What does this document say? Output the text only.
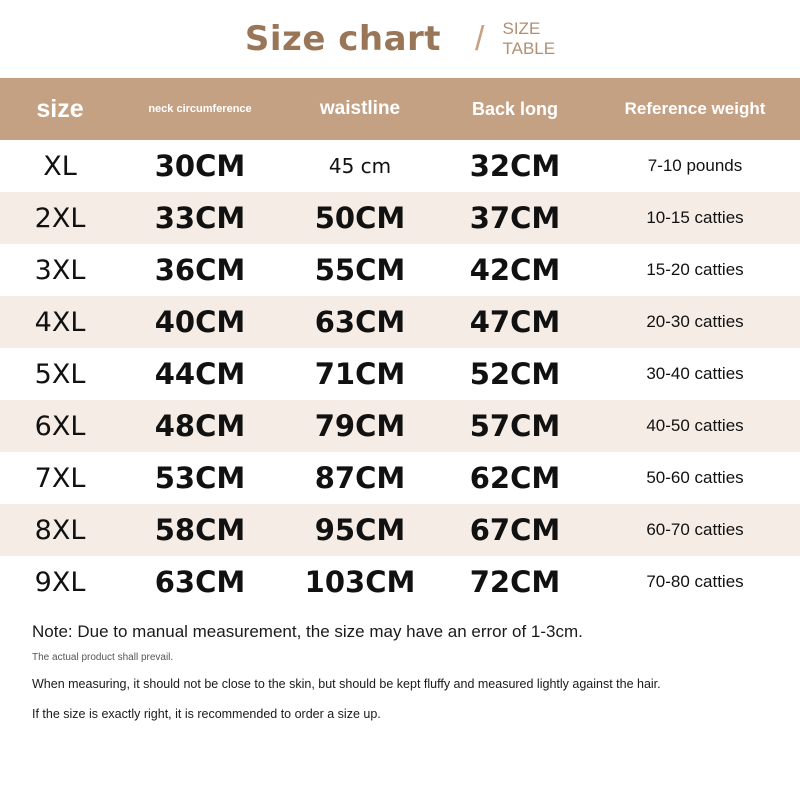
Size chart / SIZE
TABLE
size	neck circumference	waistline	Back long	Reference weight
XL	30CM	45 cm	32CM	7-10 pounds
2XL	33CM	50CM	37CM	10-15 catties
3XL	36CM	55CM	42CM	15-20 catties
4XL	40CM	63CM	47CM	20-30 catties
5XL	44CM	71CM	52CM	30-40 catties
6XL	48CM	79CM	57CM	40-50 catties
7XL	53CM	87CM	62CM	50-60 catties
8XL	58CM	95CM	67CM	60-70 catties
9XL	63CM	103CM	72CM	70-80 catties
Note: Due to manual measurement, the size may have an error of 1-3cm.
The actual product shall prevail.
When measuring, it should not be close to the skin, but should be kept fluffy and measured lightly against the hair.
If the size is exactly right, it is recommended to order a size up.
